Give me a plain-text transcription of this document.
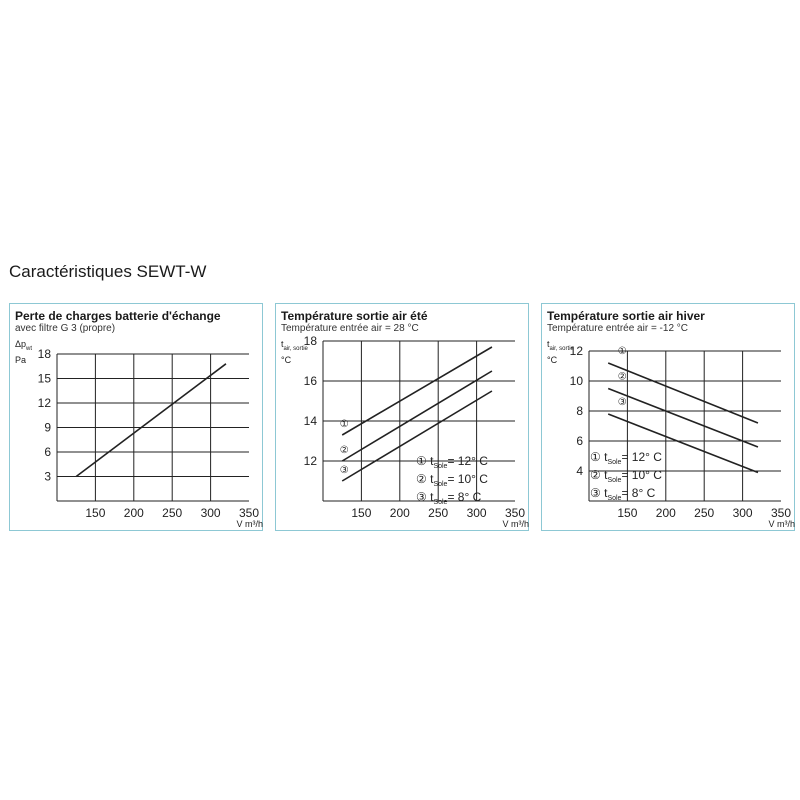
Caractéristiques SEWT-W
Perte de charges batterie d'échange
avec filtre G 3 (propre)
$\Delta p_{wt}$
Pa
150 200 250 300 350
3
6
9
12
15
18
V m³/h
Température sortie air été
Température entrée air = 28 °C
$t_{air, sortie}$
°C
150 200 250 300 350
12
14
16
18
V m³/h
①
②
③
① $t_{Sole}= 12^\circ$ C
② $t_{Sole}= 10^\circ$ C
③ $t_{Sole}= 8^\circ$ C
Température sortie air hiver
Température entrée air = -12 °C
$t_{air, sortie}$
°C
150 200 250 300 350
4
6
8
10
12
V m³/h
①
②
③
① $t_{Sole}= 12^\circ$ C
② $t_{Sole}= 10^\circ$ C
③ $t_{Sole}= 8^\circ$ C
